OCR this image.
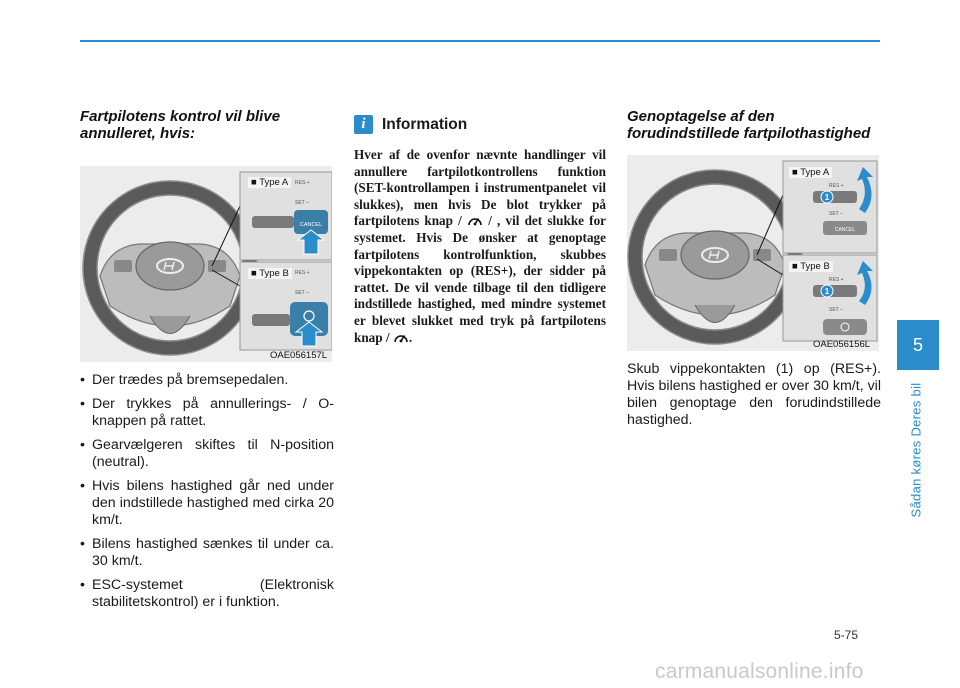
Fartpilotens kontrol vil blive annulleret, hvis:
CANCEL
RES +
SET –
RES +
SET –
■ Type A
■ Type B
OAE056157L
• Der trædes på bremsepedalen.
• Der trykkes på annullerings- / O-knappen på rattet.
• Gearvælgeren skiftes til N-position (neutral).
• Hvis bilens hastighed går ned under den indstillede hastighed med cirka 20 km/t.
• Bilens hastighed sænkes til under ca. 30 km/t.
• ESC-systemet (Elektronisk stabilitetskontrol) er i funktion.
i	Information

Hver af de ovenfor nævnte handlinger vil annullere fartpilotkontrollens funktion (SET-kontrollampen i instrumentpanelet vil slukkes), men hvis De blot trykker på fartpilotens knap / / , vil det slukke for systemet. Hvis De ønsker at genoptage fartpilotens kontrolfunktion, skubbes vippekontakten op (RES+), der sidder på rattet. De vil vende tilbage til den tidligere indstillede hastighed, med mindre systemet er blevet slukket med tryk på fartpilotens knap / .

Genoptagelse af den forudindstillede fartpilothastighed
CANCEL
RES +
SET –
1
RES +
SET –
1
■ Type A
■ Type B
OAE056156L

Skub vippekontakten (1) op (RES+). Hvis bilens hastighed er over 30 km/t, vil bilen genoptage den forudindstillede hastighed.

5
Sådan køres Deres bil
5-75
carmanualsonline.info
